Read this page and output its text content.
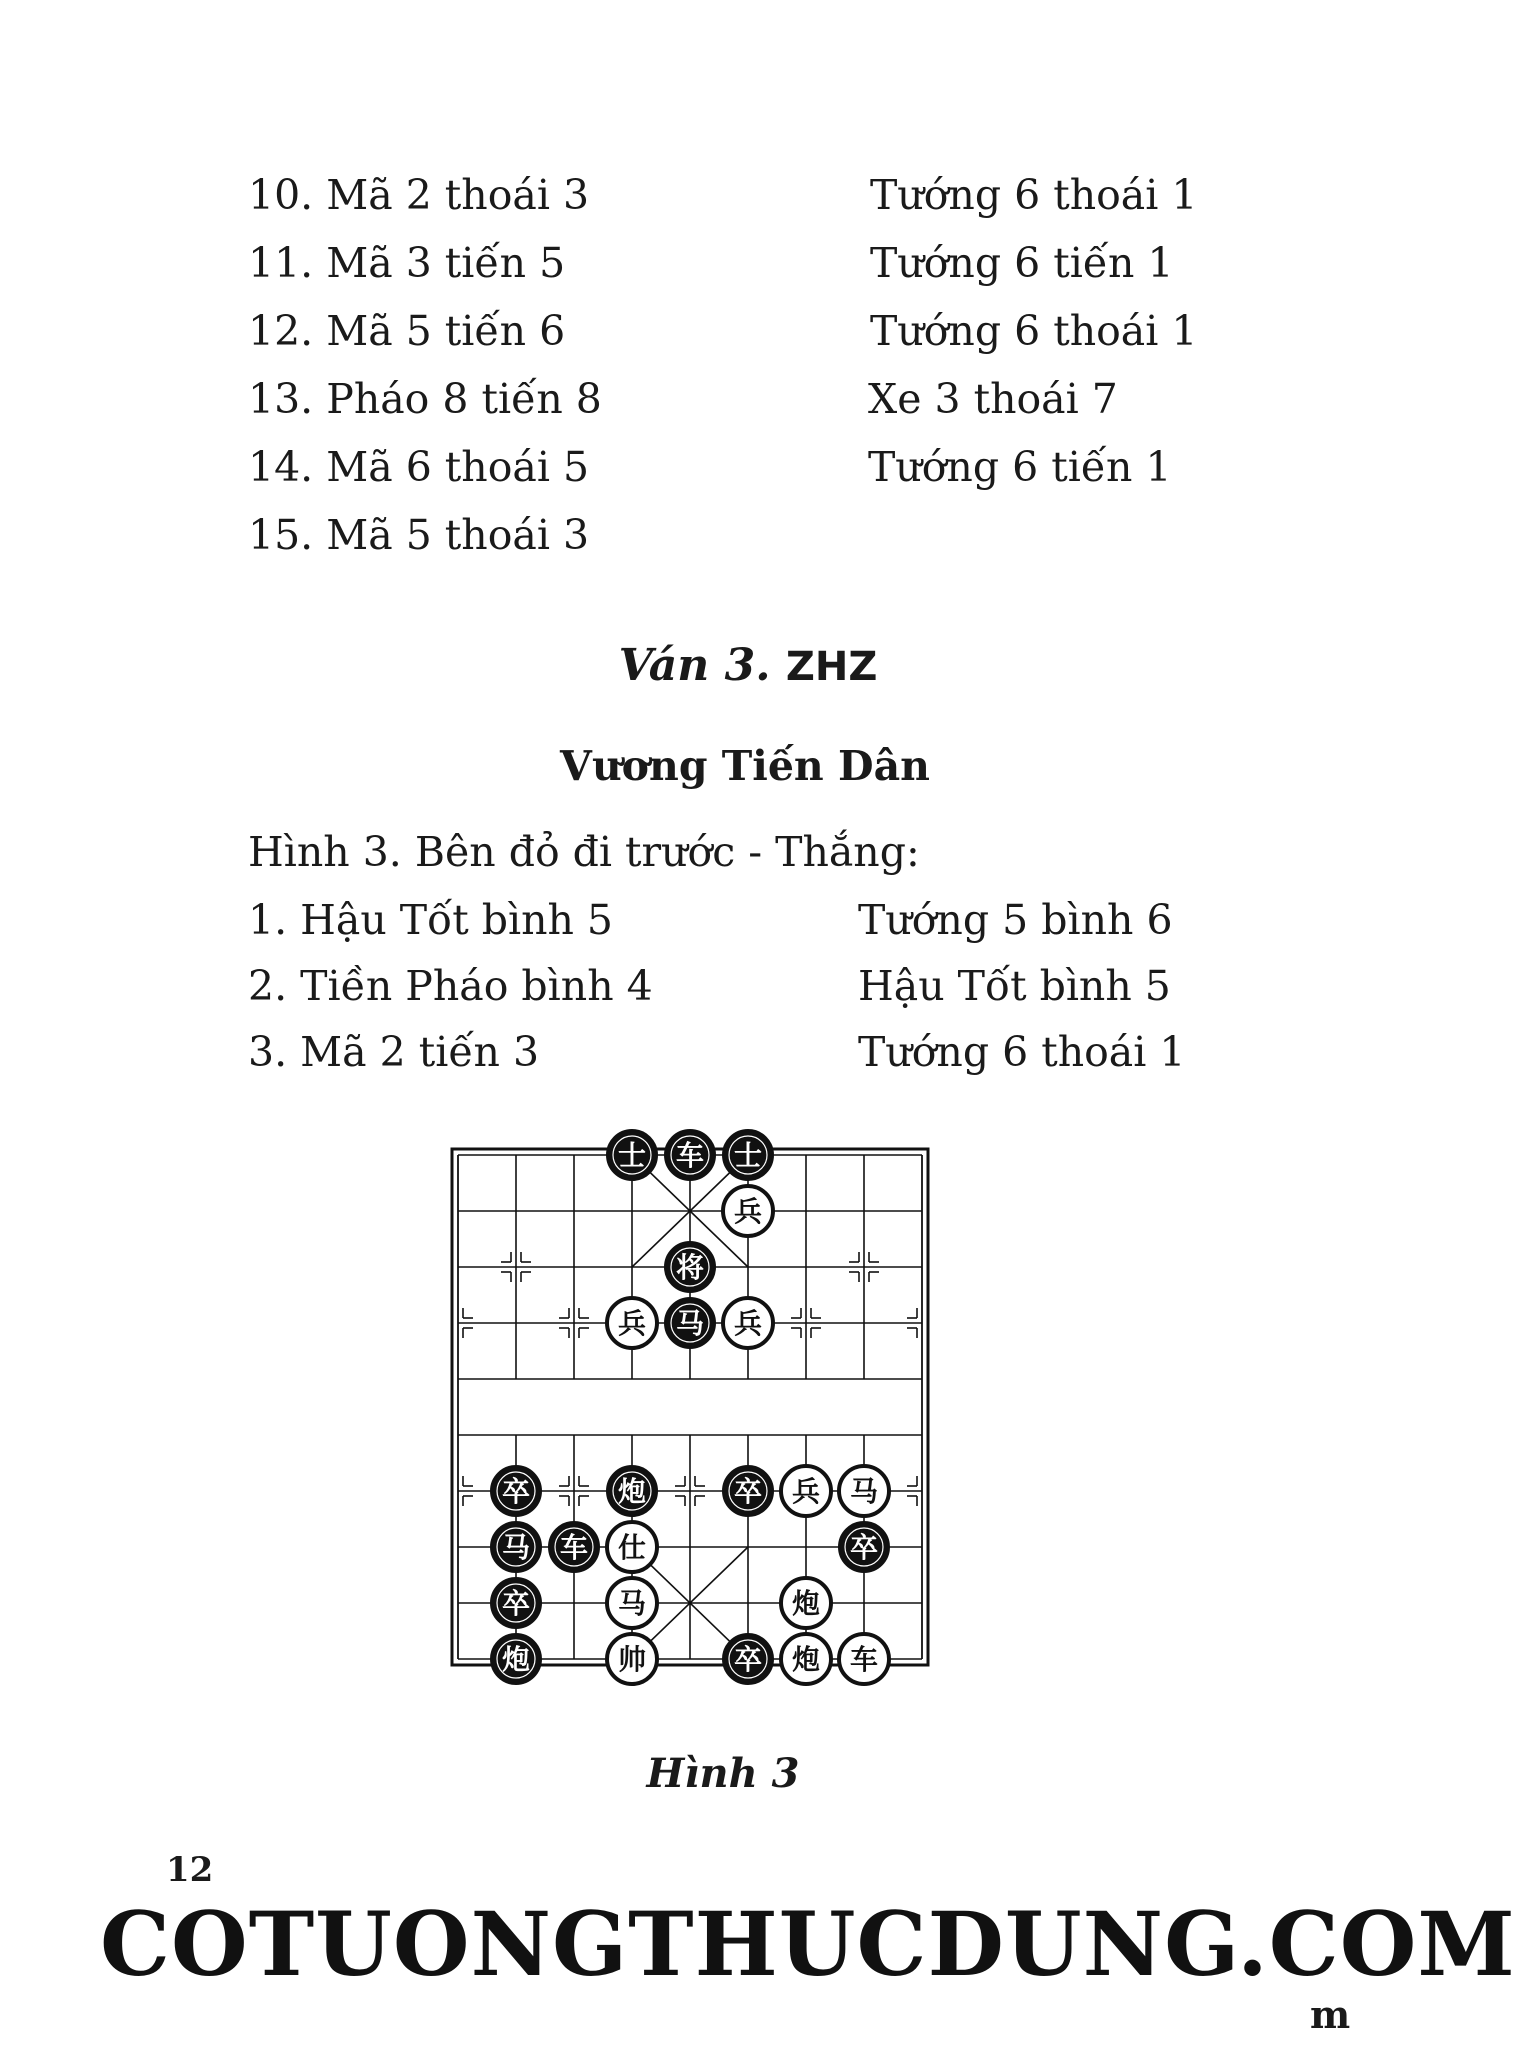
10. Mã 2 thoái 3	Tướng 6 thoái 1
11. Mã 3 tiến 5	Tướng 6 tiến 1
12. Mã 5 tiến 6	Tướng 6 thoái 1
13. Pháo 8 tiến 8	Xe 3 thoái 7
14. Mã 6 thoái 5	Tướng 6 tiến 1
15. Mã 5 thoái 3
Ván 3. ZHZ
Vương Tiến Dân
Hình 3. Bên đỏ đi trước - Thắng:
1. Hậu Tốt bình 5	Tướng 5 bình 6
2. Tiền Pháo bình 4	Hậu Tốt bình 5
3. Mã 2 tiến 3	Tướng 6 thoái 1
士 车 士
兵
将
兵 马 兵
卒	炮	卒 兵 马
马 车 仕	卒
卒	马	炮
炮	帅	卒 炮 车
Hình 3
12
COTUONGTHUCDUNG.COM
m
